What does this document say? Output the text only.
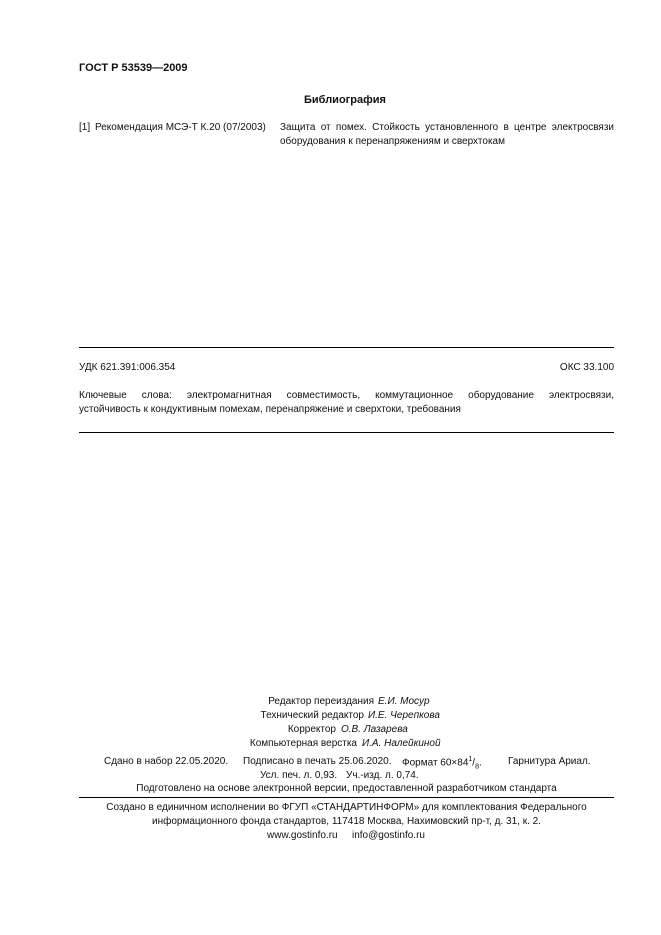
ГОСТ Р 53539—2009
Библиография
[1] Рекомендация МСЭ-Т К.20 (07/2003) Защита от помех. Стойкость установленного в центре электросвязи
оборудования к перенапряжениям и сверхтокам
УДК 621.391:006.354	ОКС 33.100
Ключевые слова: электромагнитная совместимость, коммутационное оборудование электросвязи,
устойчивость к кондуктивным помехам, перенапряжение и сверхтоки, требования
Редактор переиздания Е.И. Мосур
Технический редактор И.Е. Черепкова
Корректор О.В. Лазарева
Компьютерная верстка И.А. Налейкиной
Сдано в набор 22.05.2020. Подписано в печать 25.06.2020. Формат $60\times 84^1/_8$.	Гарнитура Ариал.
Усл. печ. л. 0,93. Уч.-изд. л. 0,74.
Подготовлено на основе электронной версии, предоставленной разработчиком стандарта
Создано в единичном исполнении во ФГУП «СТАНДАРТИНФОРМ» для комплектования Федерального
информационного фонда стандартов, 117418 Москва, Нахимовский пр-т, д. 31, к. 2.
www.gostinfo.ru info@gostinfo.ru
